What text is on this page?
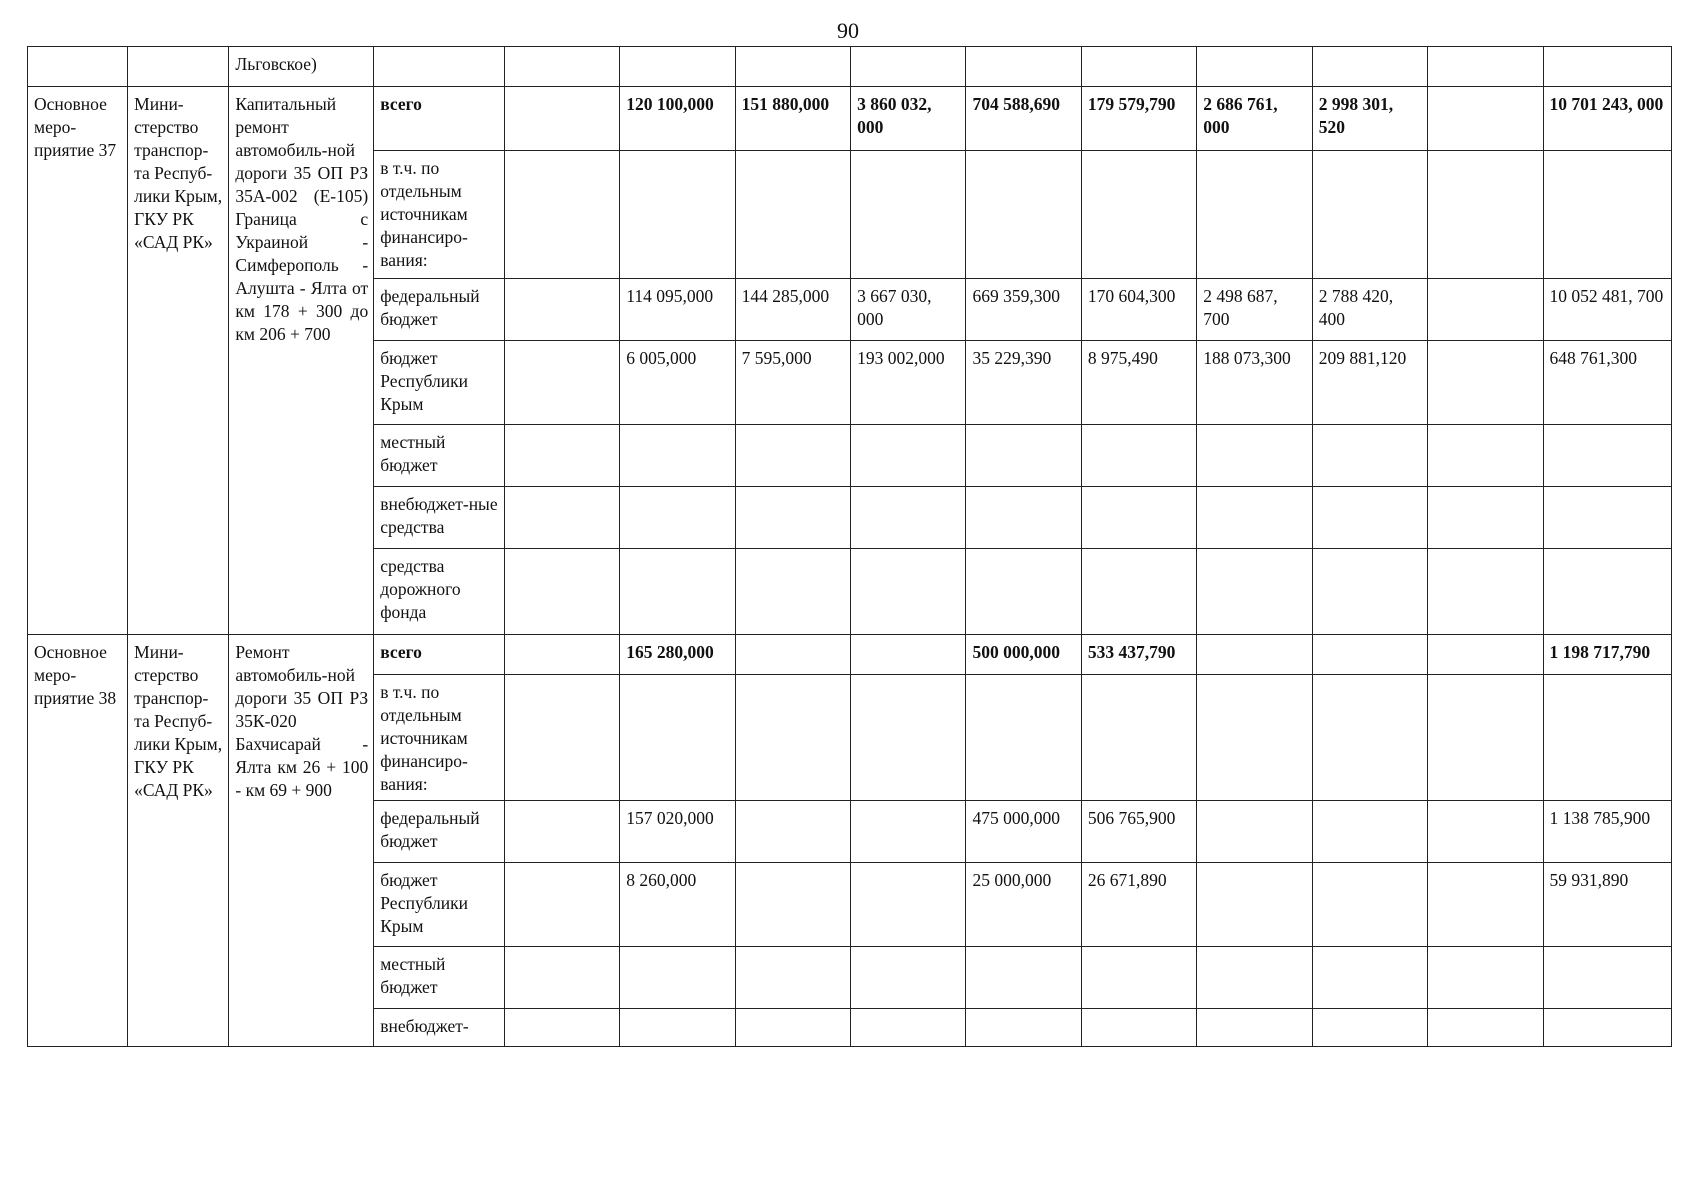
90
		Льговское)											
Основное меро-приятие 37	Мини-стерство транспор-та Респуб-лики Крым, ГКУ РК «САД РК»	Капитальный ремонт автомобиль-ной дороги 35 ОП РЗ 35А-002 (Е-105) Граница с Украиной - Симферополь - Алушта - Ялта от км 178 + 300 до км 206 + 700	всего		120 100,000	151 880,000	3 860 032, 000	704 588,690	179 579,790	2 686 761, 000	2 998 301, 520		10 701 243, 000
			в т.ч. по отдельным источникам финансиро-вания:										
			федеральный бюджет		114 095,000	144 285,000	3 667 030, 000	669 359,300	170 604,300	2 498 687, 700	2 788 420, 400		10 052 481, 700
			бюджет Республики Крым		6 005,000	7 595,000	193 002,000	35 229,390	8 975,490	188 073,300	209 881,120		648 761,300
			местный бюджет										
			внебюджет-ные средства										
			средства дорожного фонда										
Основное меро-приятие 38	Мини-стерство транспор-та Респуб-лики Крым, ГКУ РК «САД РК»	Ремонт автомобиль-ной дороги 35 ОП РЗ 35К-020 Бахчисарай - Ялта км 26 + 100 - км 69 + 900	всего		165 280,000			500 000,000	533 437,790				1 198 717,790
			в т.ч. по отдельным источникам финансиро-вания:										
			федеральный бюджет		157 020,000			475 000,000	506 765,900				1 138 785,900
			бюджет Республики Крым		8 260,000			25 000,000	26 671,890				59 931,890
			местный бюджет										
			внебюджет-										
